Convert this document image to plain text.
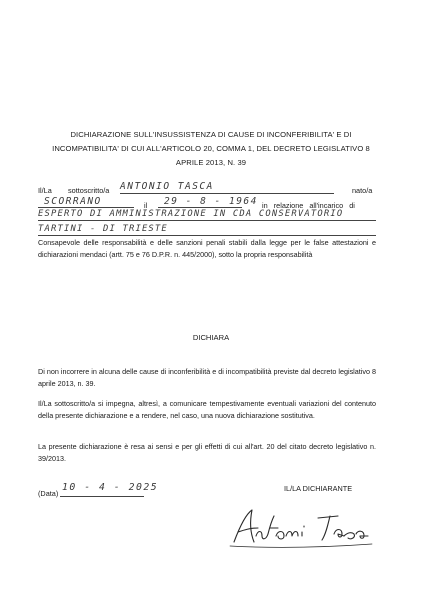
DICHIARAZIONE SULL'INSUSSISTENZA DI CAUSE DI INCONFERIBILITA' E DI
INCOMPATIBILITA' DI CUI ALL'ARTICOLO 20, COMMA 1, DEL DECRETO LEGISLATIVO 8
APRILE 2013, N. 39
Il/La sottoscritto/a ANTONIO TASCA	nato/a
SCORRANO	il 29 - 8 - 1964 in relazione all'incarico di
ESPERTO DI AMMINISTRAZIONE IN CDA CONSERVATORIO
TARTINI - DI TRIESTE
Consapevole delle responsabilità e delle sanzioni penali stabili dalla legge per le false attestazioni e dichiarazioni mendaci (artt. 75 e 76 D.P.R. n. 445/2000), sotto la propria responsabilità
DICHIARA
Di non incorrere in alcuna delle cause di inconferibilità e di incompatibilità previste dal decreto legislativo 8 aprile 2013, n. 39.
Il/La sottoscritto/a si impegna, altresì, a comunicare tempestivamente eventuali variazioni del contenuto della presente dichiarazione e a rendere, nel caso, una nuova dichiarazione sostitutiva.
La presente dichiarazione è resa ai sensi e per gli effetti di cui all'art. 20 del citato decreto legislativo n. 39/2013.
(Data)
10 - 4 - 2025	IL/LA DICHIARANTE
